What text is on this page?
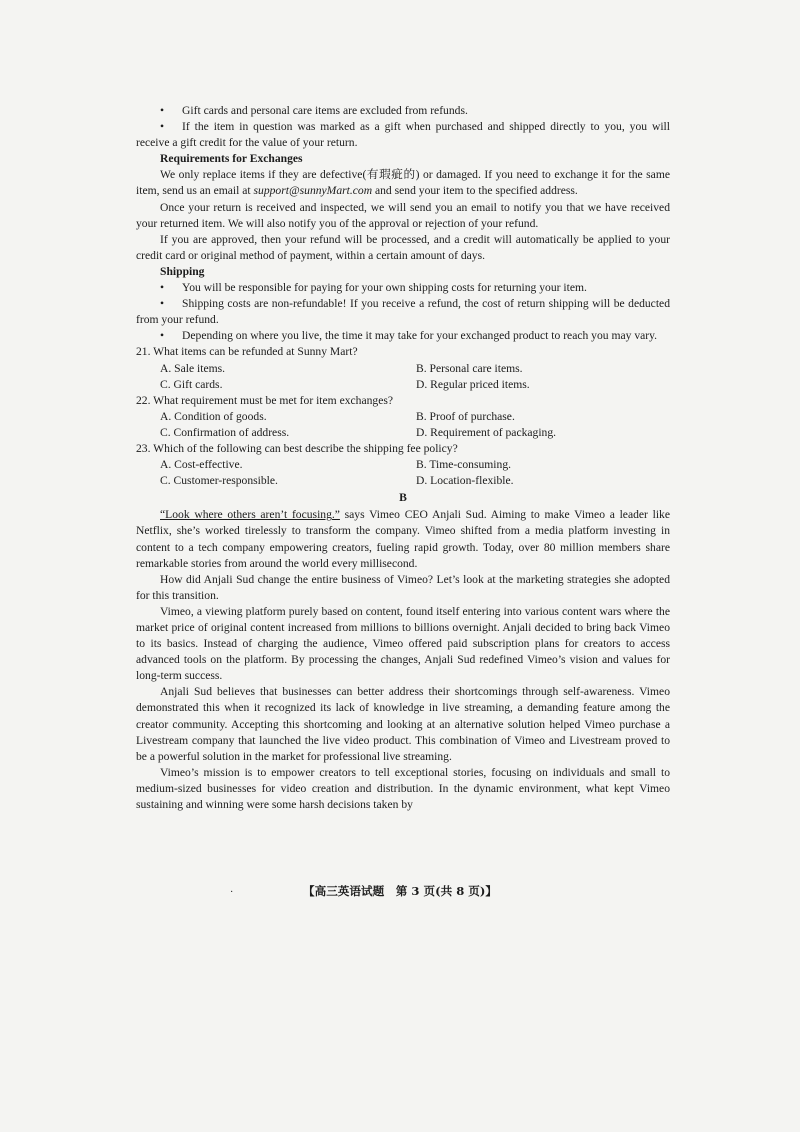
• Gift cards and personal care items are excluded from refunds.

• If the item in question was marked as a gift when purchased and shipped directly to you, you will receive a gift credit for the value of your return.

Requirements for Exchanges

We only replace items if they are defective(有瑕疵的) or damaged. If you need to exchange it for the same item, send us an email at support@sunnyMart.com and send your item to the specified address.

Once your return is received and inspected, we will send you an email to notify you that we have received your returned item. We will also notify you of the approval or rejection of your refund.

If you are approved, then your refund will be processed, and a credit will automatically be applied to your credit card or original method of payment, within a certain amount of days.

Shipping

• You will be responsible for paying for your own shipping costs for returning your item.

• Shipping costs are non-refundable! If you receive a refund, the cost of return shipping will be deducted from your refund.

• Depending on where you live, the time it may take for your exchanged product to reach you may vary.

21. What items can be refunded at Sunny Mart?

A. Sale items.	B. Personal care items.
C. Gift cards.	D. Regular priced items.

22. What requirement must be met for item exchanges?

A. Condition of goods.	B. Proof of purchase.
C. Confirmation of address.	D. Requirement of packaging.

23. Which of the following can best describe the shipping fee policy?

A. Cost-effective.	B. Time-consuming.
C. Customer-responsible.	D. Location-flexible.

B

“Look where others aren’t focusing.” says Vimeo CEO Anjali Sud. Aiming to make Vimeo a leader like Netflix, she’s worked tirelessly to transform the company. Vimeo shifted from a media platform investing in content to a tech company empowering creators, fueling rapid growth. Today, over 80 million members share remarkable stories from around the world every millisecond.

How did Anjali Sud change the entire business of Vimeo? Let’s look at the marketing strategies she adopted for this transition.

Vimeo, a viewing platform purely based on content, found itself entering into various content wars where the market price of original content increased from millions to billions overnight. Anjali decided to bring back Vimeo to its basics. Instead of charging the audience, Vimeo offered paid subscription plans for creators to access advanced tools on the platform. By processing the changes, Anjali Sud redefined Vimeo’s vision and values for long-term success.

Anjali Sud believes that businesses can better address their shortcomings through self-awareness. Vimeo demonstrated this when it recognized its lack of knowledge in live streaming, a demanding feature among the creator community. Accepting this shortcoming and looking at an alternative solution helped Vimeo purchase a Livestream company that launched the live video product. This combination of Vimeo and Livestream proved to be a powerful solution in the market for professional live streaming.

Vimeo’s mission is to empower creators to tell exceptional stories, focusing on individuals and small to medium-sized businesses for video creation and distribution. In the dynamic environment, what kept Vimeo sustaining and winning were some harsh decisions taken by

·	【高三英语试题　第 3 页(共 8 页)】
